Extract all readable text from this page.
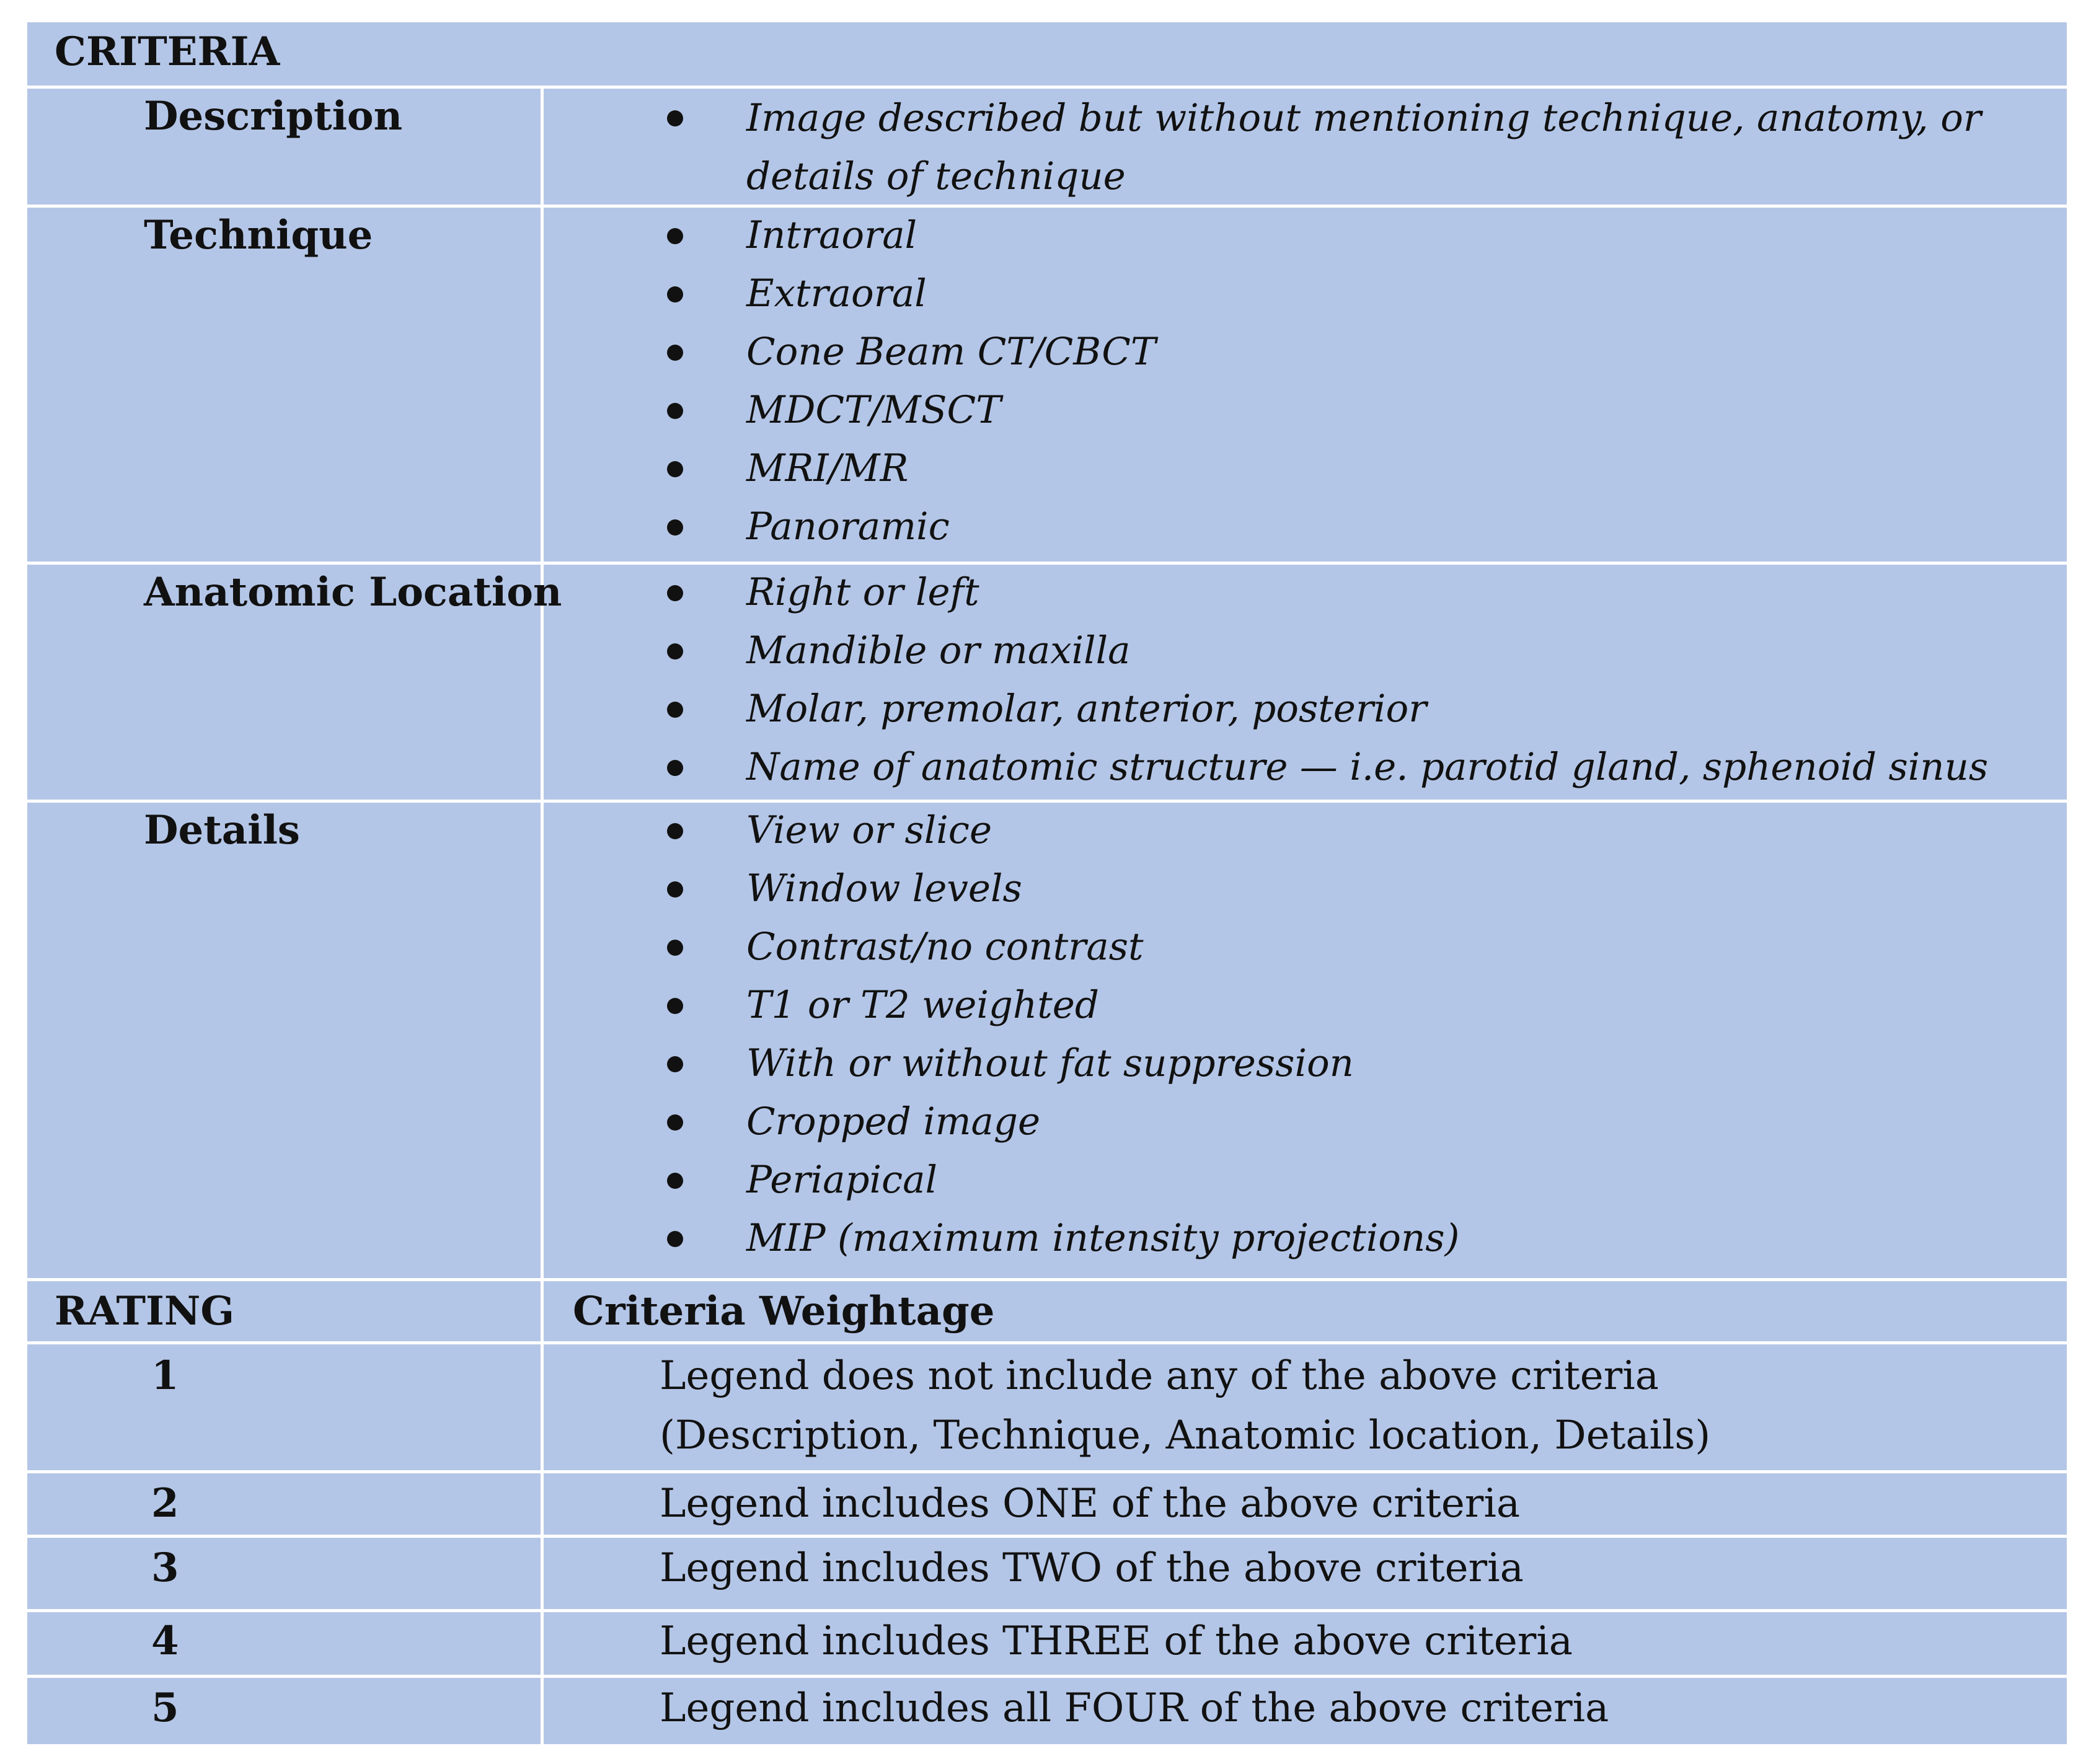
CRITERIA
Description	Image described but without mentioning technique, anatomy, or details of technique
Technique	Intraoral
Extraoral
Cone Beam CT/CBCT
MDCT/MSCT
MRI/MR
Panoramic
Anatomic Location	Right or left
Mandible or maxilla
Molar, premolar, anterior, posterior
Name of anatomic structure — i.e. parotid gland, sphenoid sinus
Details	View or slice
Window levels
Contrast/no contrast
T1 or T2 weighted
With or without fat suppression
Cropped image
Periapical
MIP (maximum intensity projections)
RATING	Criteria Weightage
1	Legend does not include any of the above criteria
(Description, Technique, Anatomic location, Details)
2	Legend includes ONE of the above criteria
3	Legend includes TWO of the above criteria
4	Legend includes THREE of the above criteria
5	Legend includes all FOUR of the above criteria
